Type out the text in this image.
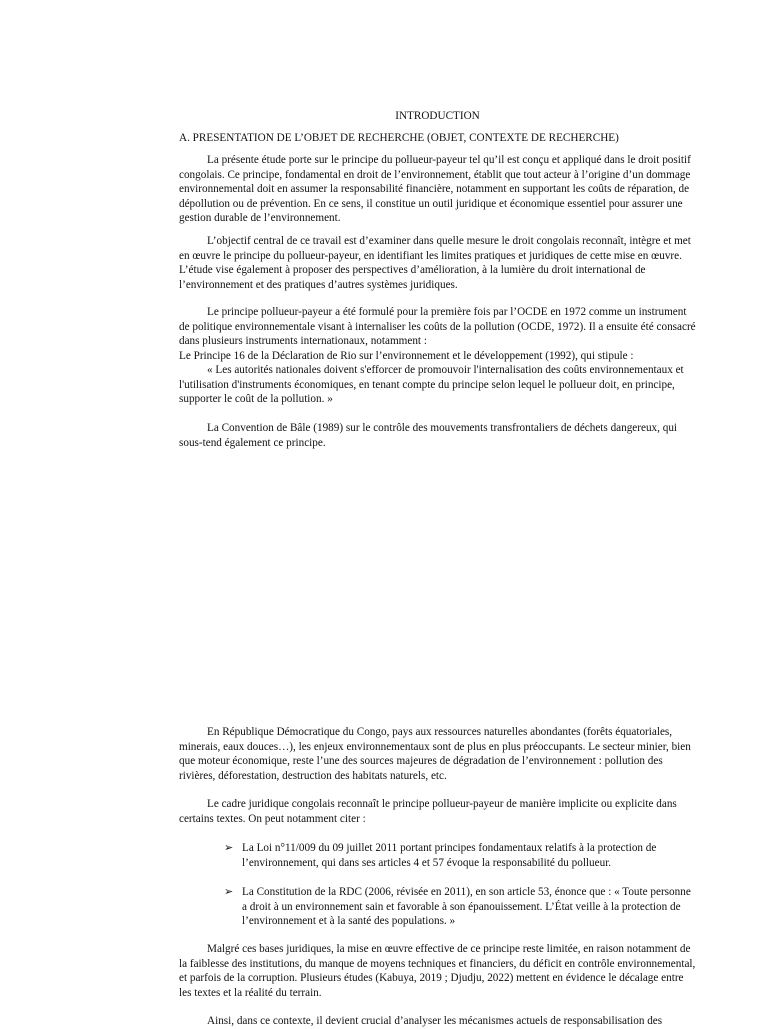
INTRODUCTION
A. PRESENTATION DE L’OBJET DE RECHERCHE (OBJET, CONTEXTE DE RECHERCHE)

La présente étude porte sur le principe du pollueur-payeur tel qu’il est conçu et appliqué dans le droit positif congolais. Ce principe, fondamental en droit de l’environnement, établit que tout acteur à l’origine d’un dommage environnemental doit en assumer la responsabilité financière, notamment en supportant les coûts de réparation, de dépollution ou de prévention. En ce sens, il constitue un outil juridique et économique essentiel pour assurer une gestion durable de l’environnement.

L’objectif central de ce travail est d’examiner dans quelle mesure le droit congolais reconnaît, intègre et met en œuvre le principe du pollueur-payeur, en identifiant les limites pratiques et juridiques de cette mise en œuvre. L’étude vise également à proposer des perspectives d’amélioration, à la lumière du droit international de l’environnement et des pratiques d’autres systèmes juridiques.

Le principe pollueur-payeur a été formulé pour la première fois par l’OCDE en 1972 comme un instrument de politique environnementale visant à internaliser les coûts de la pollution (OCDE, 1972). Il a ensuite été consacré dans plusieurs instruments internationaux, notamment :

Le Principe 16 de la Déclaration de Rio sur l’environnement et le développement (1992), qui stipule :

« Les autorités nationales doivent s'efforcer de promouvoir l'internalisation des coûts environnementaux et l'utilisation d'instruments économiques, en tenant compte du principe selon lequel le pollueur doit, en principe, supporter le coût de la pollution. »

La Convention de Bâle (1989) sur le contrôle des mouvements transfrontaliers de déchets dangereux, qui sous-tend également ce principe.

En République Démocratique du Congo, pays aux ressources naturelles abondantes (forêts équatoriales, minerais, eaux douces…), les enjeux environnementaux sont de plus en plus préoccupants. Le secteur minier, bien que moteur économique, reste l’une des sources majeures de dégradation de l’environnement : pollution des rivières, déforestation, destruction des habitats naturels, etc.

Le cadre juridique congolais reconnaît le principe pollueur-payeur de manière implicite ou explicite dans certains textes. On peut notamment citer :

➢ La Loi n°11/009 du 09 juillet 2011 portant principes fondamentaux relatifs à la protection de l’environnement, qui dans ses articles 4 et 57 évoque la responsabilité du pollueur.
➢ La Constitution de la RDC (2006, révisée en 2011), en son article 53, énonce que : « Toute personne a droit à un environnement sain et favorable à son épanouissement. L’État veille à la protection de l’environnement et à la santé des populations. »

Malgré ces bases juridiques, la mise en œuvre effective de ce principe reste limitée, en raison notamment de la faiblesse des institutions, du manque de moyens techniques et financiers, du déficit en contrôle environnemental, et parfois de la corruption. Plusieurs études (Kabuya, 2019 ; Djudju, 2022) mettent en évidence le décalage entre les textes et la réalité du terrain.

Ainsi, dans ce contexte, il devient crucial d’analyser les mécanismes actuels de responsabilisation des
